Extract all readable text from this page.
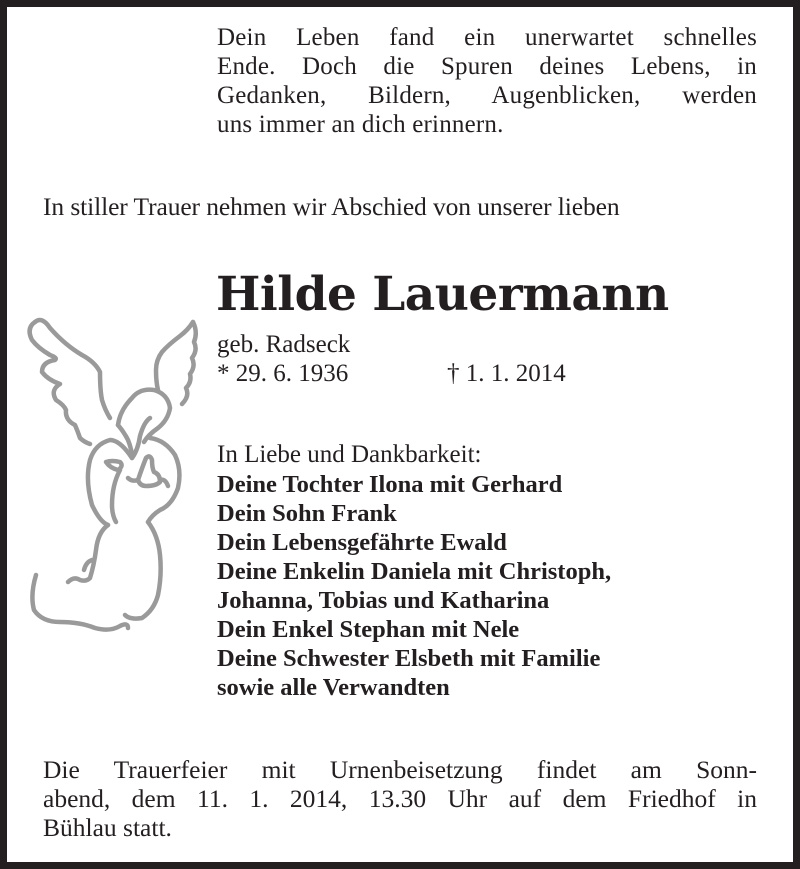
Dein Leben fand ein unerwartet schnelles
Ende. Doch die Spuren deines Lebens, in
Gedanken, Bildern, Augenblicken, werden
uns immer an dich erinnern.
In stiller Trauer nehmen wir Abschied von unserer lieben
Hilde Lauermann
geb. Radseck
* 29. 6. 1936	† 1. 1. 2014
In Liebe und Dankbarkeit:
Deine Tochter Ilona mit Gerhard
Dein Sohn Frank
Dein Lebensgefährte Ewald
Deine Enkelin Daniela mit Christoph,
Johanna, Tobias und Katharina
Dein Enkel Stephan mit Nele
Deine Schwester Elsbeth mit Familie
sowie alle Verwandten
Die Trauerfeier mit Urnenbeisetzung findet am Sonn-
abend, dem 11. 1. 2014, 13.30 Uhr auf dem Friedhof in
Bühlau statt.
